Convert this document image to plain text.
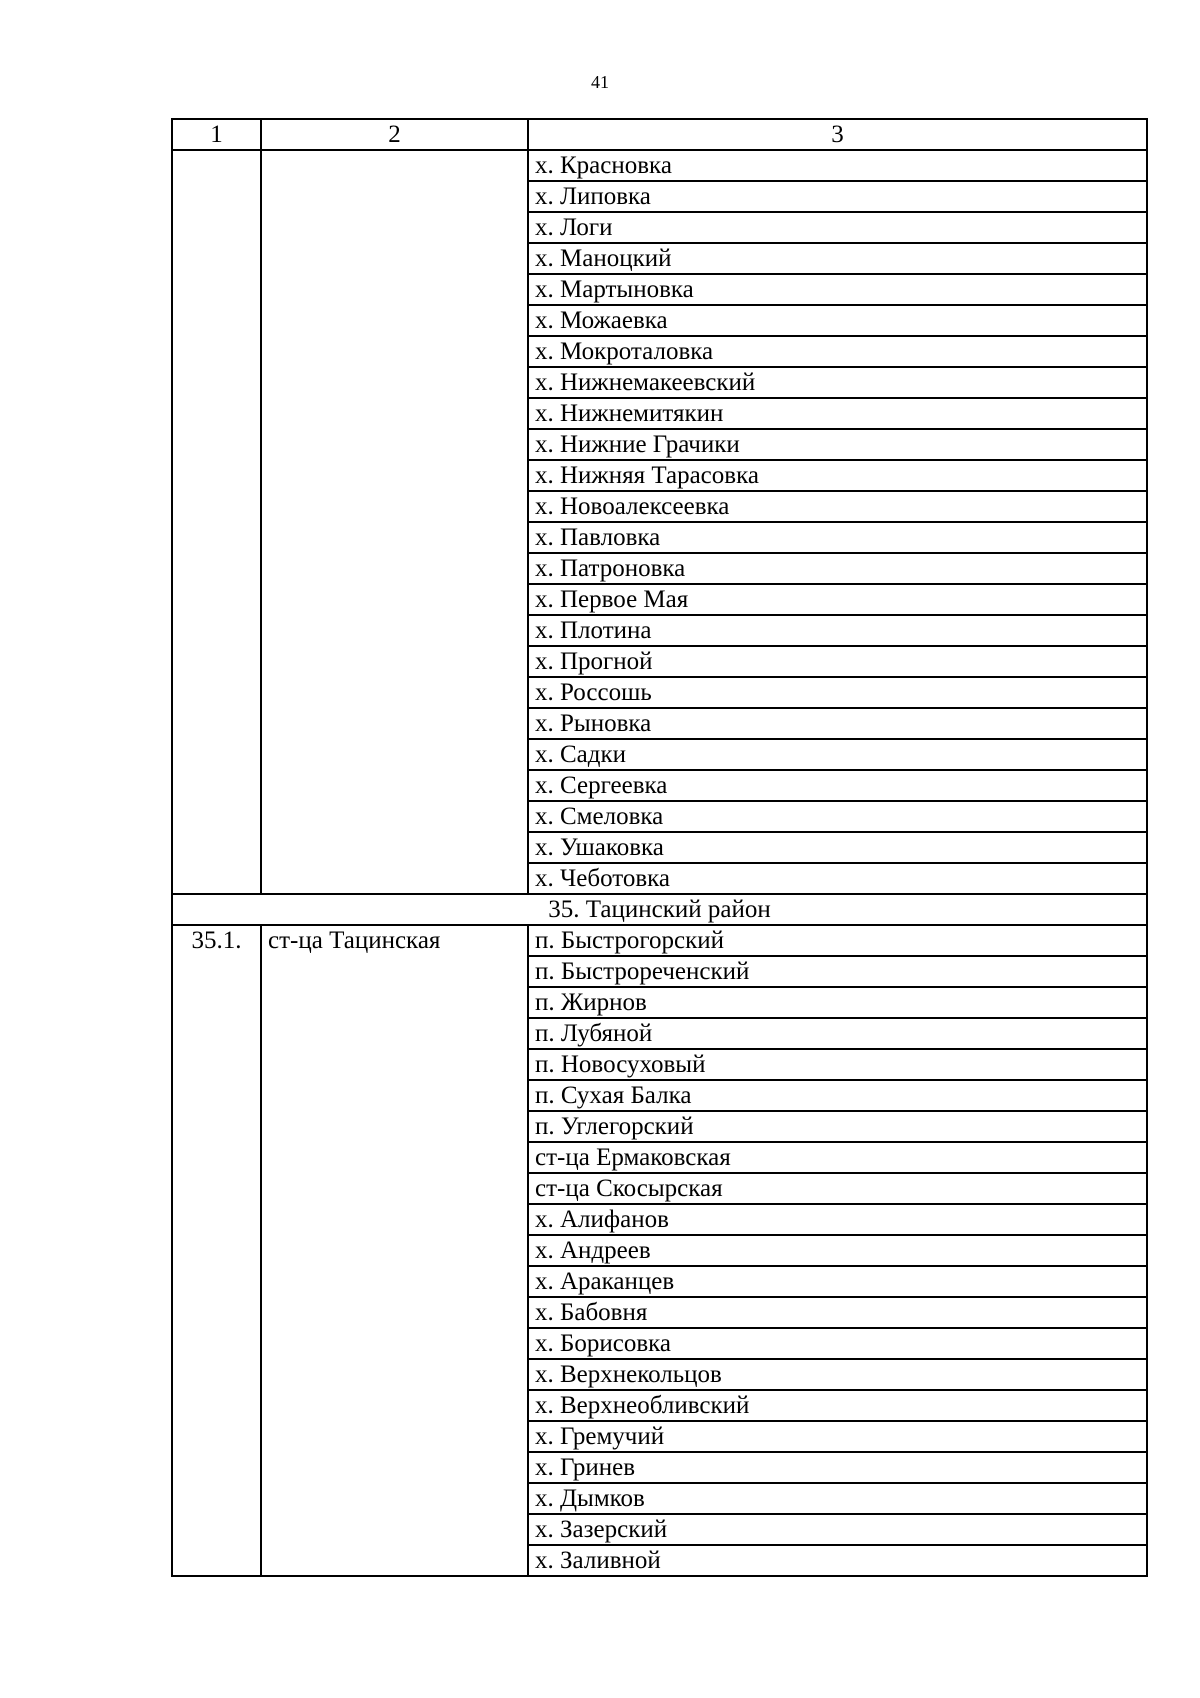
41
1	2	3
		х. Красновка
		х. Липовка
		х. Логи
		х. Маноцкий
		х. Мартыновка
		х. Можаевка
		х. Мокроталовка
		х. Нижнемакеевский
		х. Нижнемитякин
		х. Нижние Грачики
		х. Нижняя Тарасовка
		х. Новоалексеевка
		х. Павловка
		х. Патроновка
		х. Первое Мая
		х. Плотина
		х. Прогной
		х. Россошь
		х. Рыновка
		х. Садки
		х. Сергеевка
		х. Смеловка
		х. Ушаковка
		х. Чеботовка
35. Тацинский район		
35.1.	ст-ца Тацинская	п. Быстрогорский
		п. Быстрореченский
		п. Жирнов
		п. Лубяной
		п. Новосуховый
		п. Сухая Балка
		п. Углегорский
		ст-ца Ермаковская
		ст-ца Скосырская
		х. Алифанов
		х. Андреев
		х. Араканцев
		х. Бабовня
		х. Борисовка
		х. Верхнекольцов
		х. Верхнеобливский
		х. Гремучий
		х. Гринев
		х. Дымков
		х. Зазерский
		х. Заливной
